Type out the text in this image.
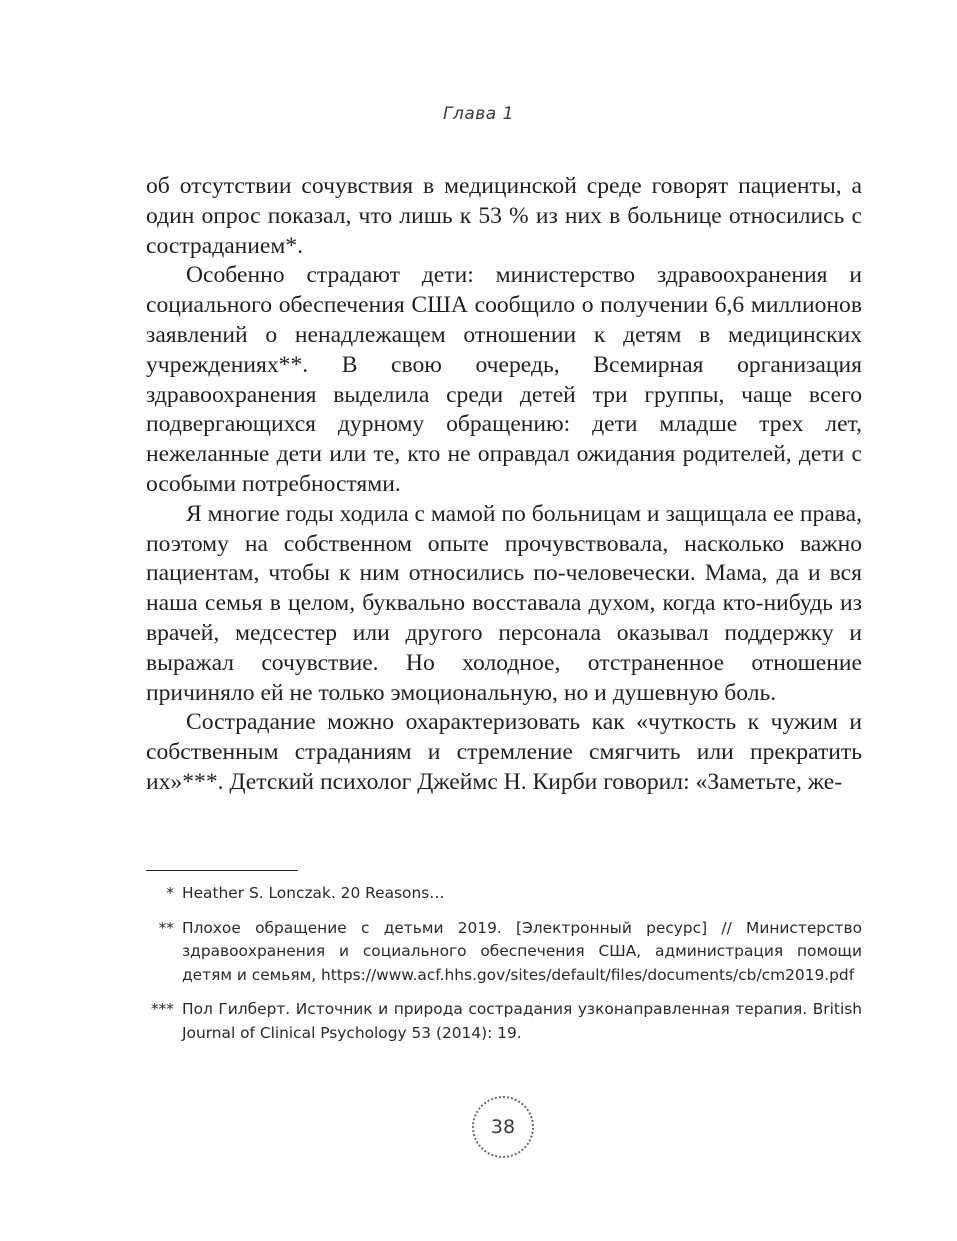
Глава 1

об отсутствии сочувствия в медицинской среде говорят пациенты, а один опрос показал, что лишь к 53 % из них в больнице относились с состраданием*.

Особенно страдают дети: министерство здравоохранения и социального обеспечения США сообщило о получении 6,6 миллионов заявлений о ненадлежащем отношении к детям в медицинских учреждениях**. В свою очередь, Всемирная организация здравоохранения выделила среди детей три группы, чаще всего подвергающихся дурному обращению: дети младше трех лет, нежеланные дети или те, кто не оправдал ожидания родителей, дети с особыми потребностями.

Я многие годы ходила с мамой по больницам и защищала ее права, поэтому на собственном опыте прочувствовала, насколько важно пациентам, чтобы к ним относились по-человечески. Мама, да и вся наша семья в целом, буквально восставала духом, когда кто-нибудь из врачей, медсестер или другого персонала оказывал поддержку и выражал сочувствие. Но холодное, отстраненное отношение причиняло ей не только эмоциональную, но и душевную боль.

Сострадание можно охарактеризовать как «чуткость к чужим и собственным страданиям и стремление смягчить или прекратить их»***. Детский психолог Джеймс Н. Кирби говорил: «Заметьте, же-

* Heather S. Lonczak. 20 Reasons…
** Плохое обращение с детьми 2019. [Электронный ресурс] // Министерство здравоохранения и социального обеспечения США, администрация помощи детям и семьям, https://www.acf.hhs.gov/sites/default/files/documents/cb/cm2019.pdf
*** Пол Гилберт. Источник и природа сострадания узконаправленная терапия. British Journal of Clinical Psychology 53 (2014): 19.
38
